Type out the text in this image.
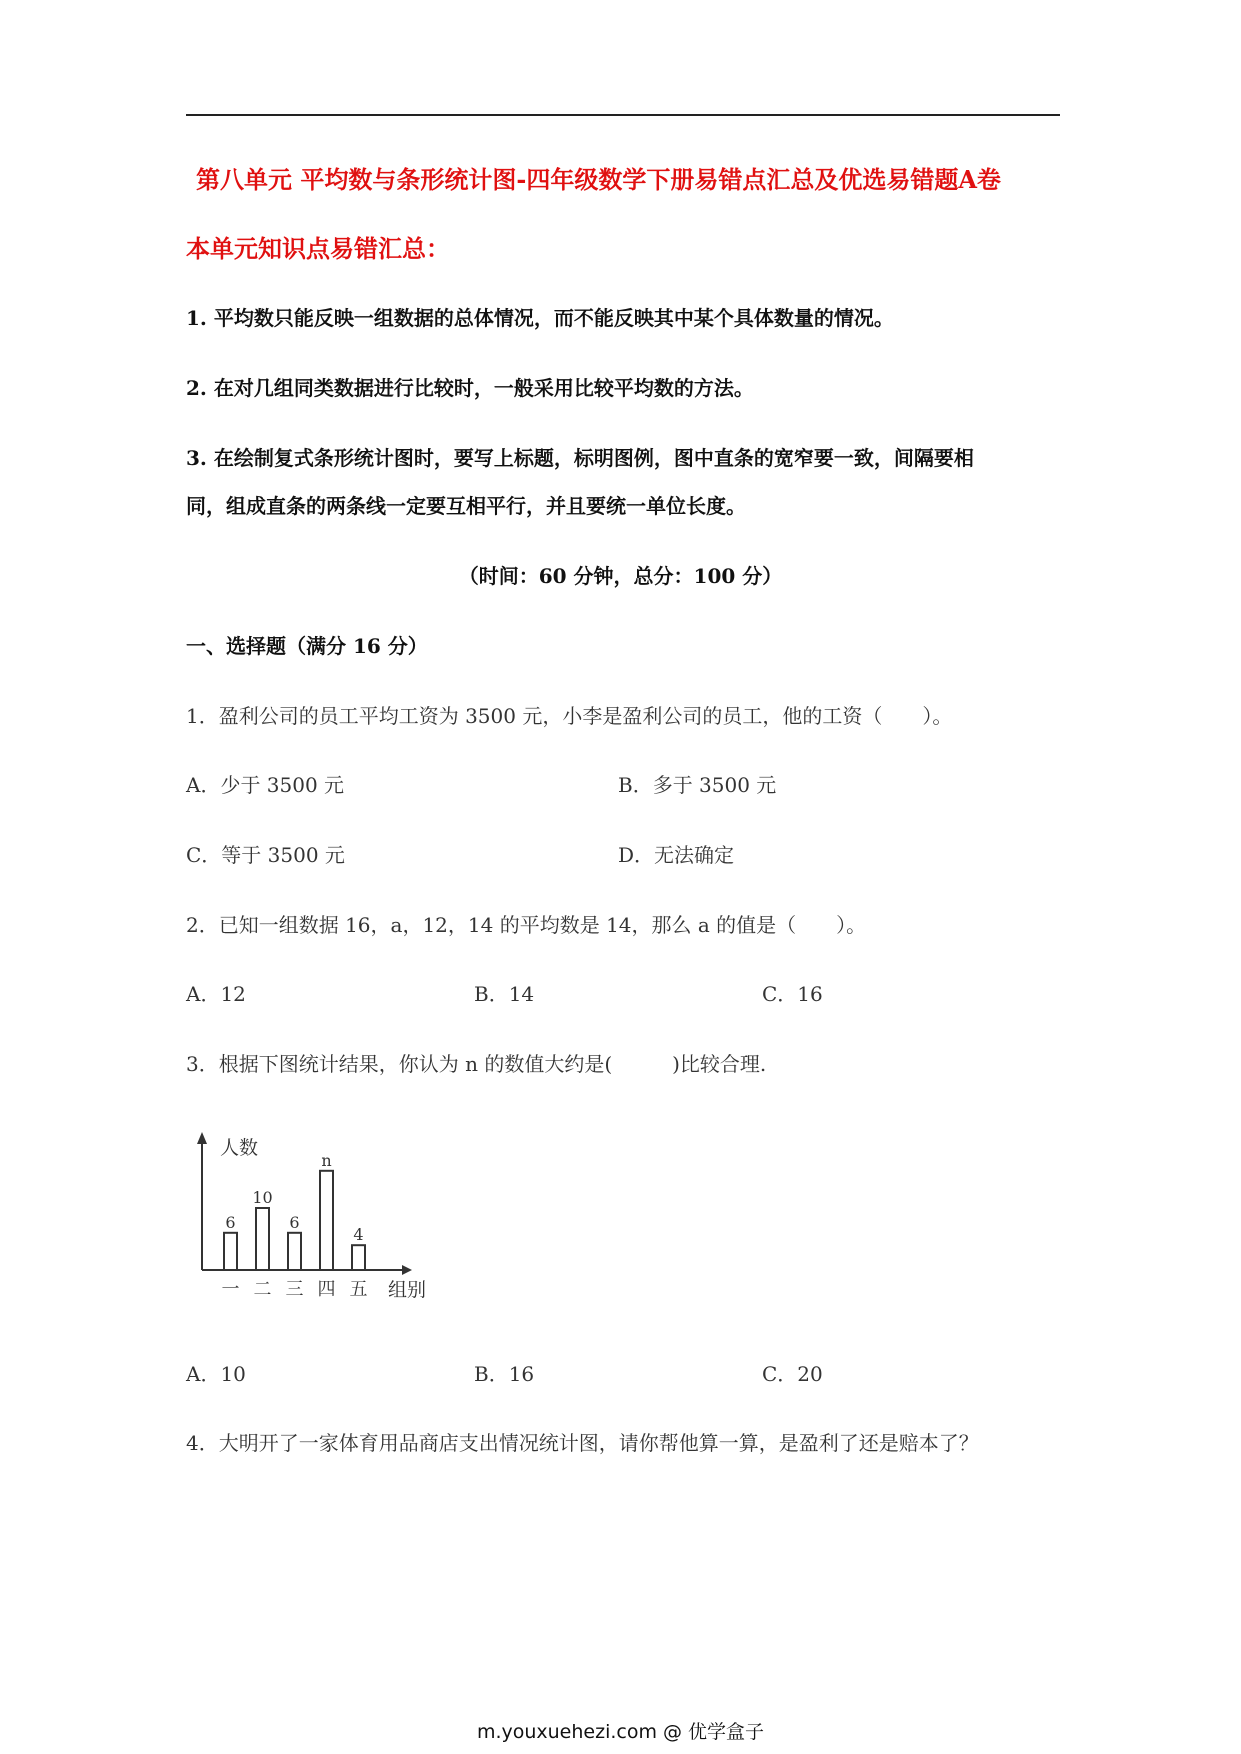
第八单元 平均数与条形统计图-四年级数学下册易错点汇总及优选易错题A卷
本单元知识点易错汇总：
1. 平均数只能反映一组数据的总体情况，而不能反映其中某个具体数量的情况。
2. 在对几组同类数据进行比较时，一般采用比较平均数的方法。
3. 在绘制复式条形统计图时，要写上标题，标明图例，图中直条的宽窄要一致，间隔要相
同，组成直条的两条线一定要互相平行，并且要统一单位长度。
（时间：60 分钟，总分：100 分）
一、选择题（满分 16 分）
1．盈利公司的员工平均工资为 3500 元，小李是盈利公司的员工，他的工资（　　）。
A．少于 3500 元	B．多于 3500 元
C．等于 3500 元	D．无法确定
2．已知一组数据 16，a，12，14 的平均数是 14，那么 a 的值是（　　）。
A．12	B．14	C．16
3．根据下图统计结果，你认为 n 的数值大约是(　　　)比较合理.
人数
组别
6
一
10
二
6
三
n
四
4
五
A．10	B．16	C．20
4．大明开了一家体育用品商店支出情况统计图，请你帮他算一算，是盈利了还是赔本了？
m.youxuehezi.com @ 优学盒子
